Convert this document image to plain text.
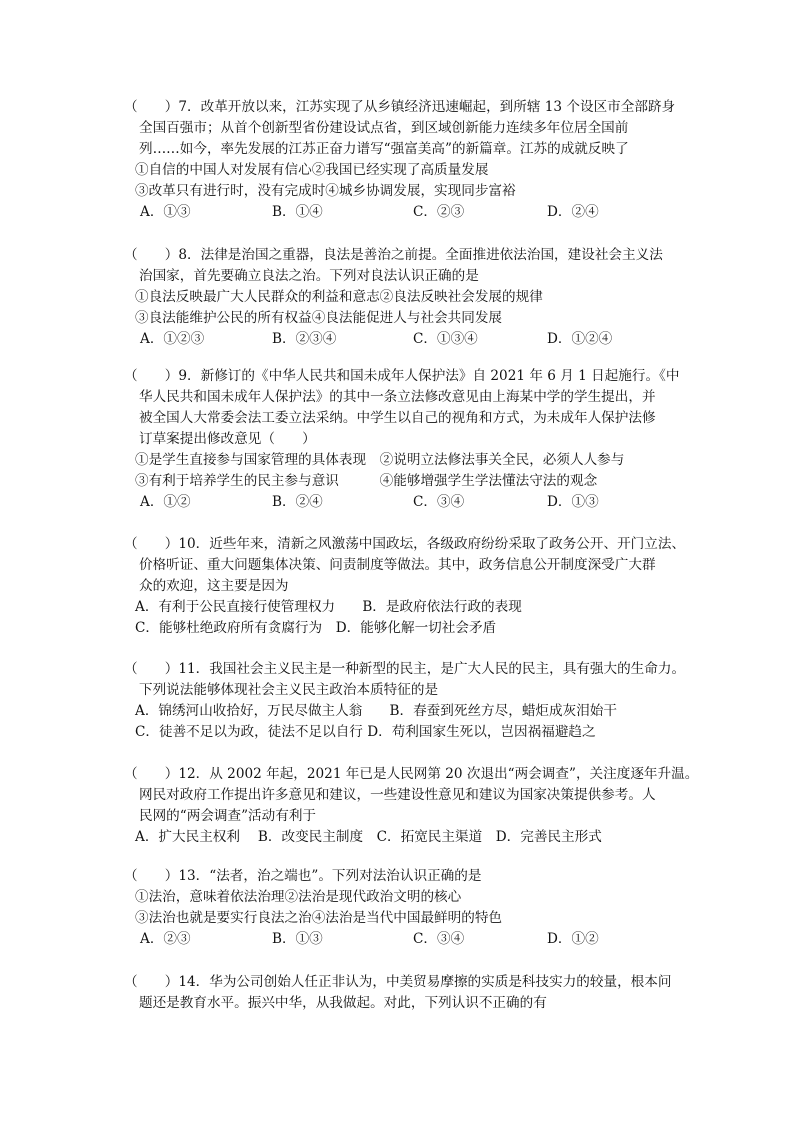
（　　）7．改革开放以来，江苏实现了从乡镇经济迅速崛起，到所辖 13 个设区市全部跻身
全国百强市；从首个创新型省份建设试点省，到区域创新能力连续多年位居全国前
列……如今，率先发展的江苏正奋力谱写“强富美高”的新篇章。江苏的成就反映了
①自信的中国人对发展有信心②我国已经实现了高质量发展
③改革只有进行时，没有完成时④城乡协调发展，实现同步富裕
A．①③	B．①④	C．②③	D．②④
（　　）8．法律是治国之重器，良法是善治之前提。全面推进依法治国，建设社会主义法
治国家，首先要确立良法之治。下列对良法认识正确的是
①良法反映最广大人民群众的利益和意志②良法反映社会发展的规律
③良法能维护公民的所有权益④良法能促进人与社会共同发展
A．①②③	B．②③④	C．①③④	D．①②④
（　　）9．新修订的《中华人民共和国未成年人保护法》自 2021 年 6 月 1 日起施行。《中
华人民共和国未成年人保护法》的其中一条立法修改意见由上海某中学的学生提出，并
被全国人大常委会法工委立法采纳。中学生以自己的视角和方式，为未成年人保护法修
订草案提出修改意见（　　）
①是学生直接参与国家管理的具体表现　②说明立法修法事关全民，必须人人参与
③有利于培养学生的民主参与意识　　　④能够增强学生学法懂法守法的观念
A．①②	B．②④	C．③④	D．①③
（　　）10．近些年来，清新之风激荡中国政坛，各级政府纷纷采取了政务公开、开门立法、
价格听证、重大问题集体决策、问责制度等做法。其中，政务信息公开制度深受广大群
众的欢迎，这主要是因为
A．有利于公民直接行使管理权力　　B．是政府依法行政的表现
C．能够杜绝政府所有贪腐行为　D．能够化解一切社会矛盾
（　　）11．我国社会主义民主是一种新型的民主，是广大人民的民主，具有强大的生命力。
下列说法能够体现社会主义民主政治本质特征的是
A．锦绣河山收拾好，万民尽做主人翁　　B．春蚕到死丝方尽，蜡炬成灰泪始干
C．徒善不足以为政，徒法不足以自行 D．苟利国家生死以，岂因祸福避趋之
（　　）12．从 2002 年起，2021 年已是人民网第 20 次退出“两会调查”，关注度逐年升温。
网民对政府工作提出许多意见和建议，一些建设性意见和建议为国家决策提供参考。人
民网的“两会调查”活动有利于
A．扩大民主权利　 B．改变民主制度　C．拓宽民主渠道　D．完善民主形式
（　　）13．“法者，治之端也”。下列对法治认识正确的是
①法治，意味着依法治理②法治是现代政治文明的核心
③法治也就是要实行良法之治④法治是当代中国最鲜明的特色
A．②③	B．①③	C．③④	D．①②
（　　）14．华为公司创始人任正非认为，中美贸易摩擦的实质是科技实力的较量，根本问
题还是教育水平。振兴中华，从我做起。对此，下列认识不正确的有
